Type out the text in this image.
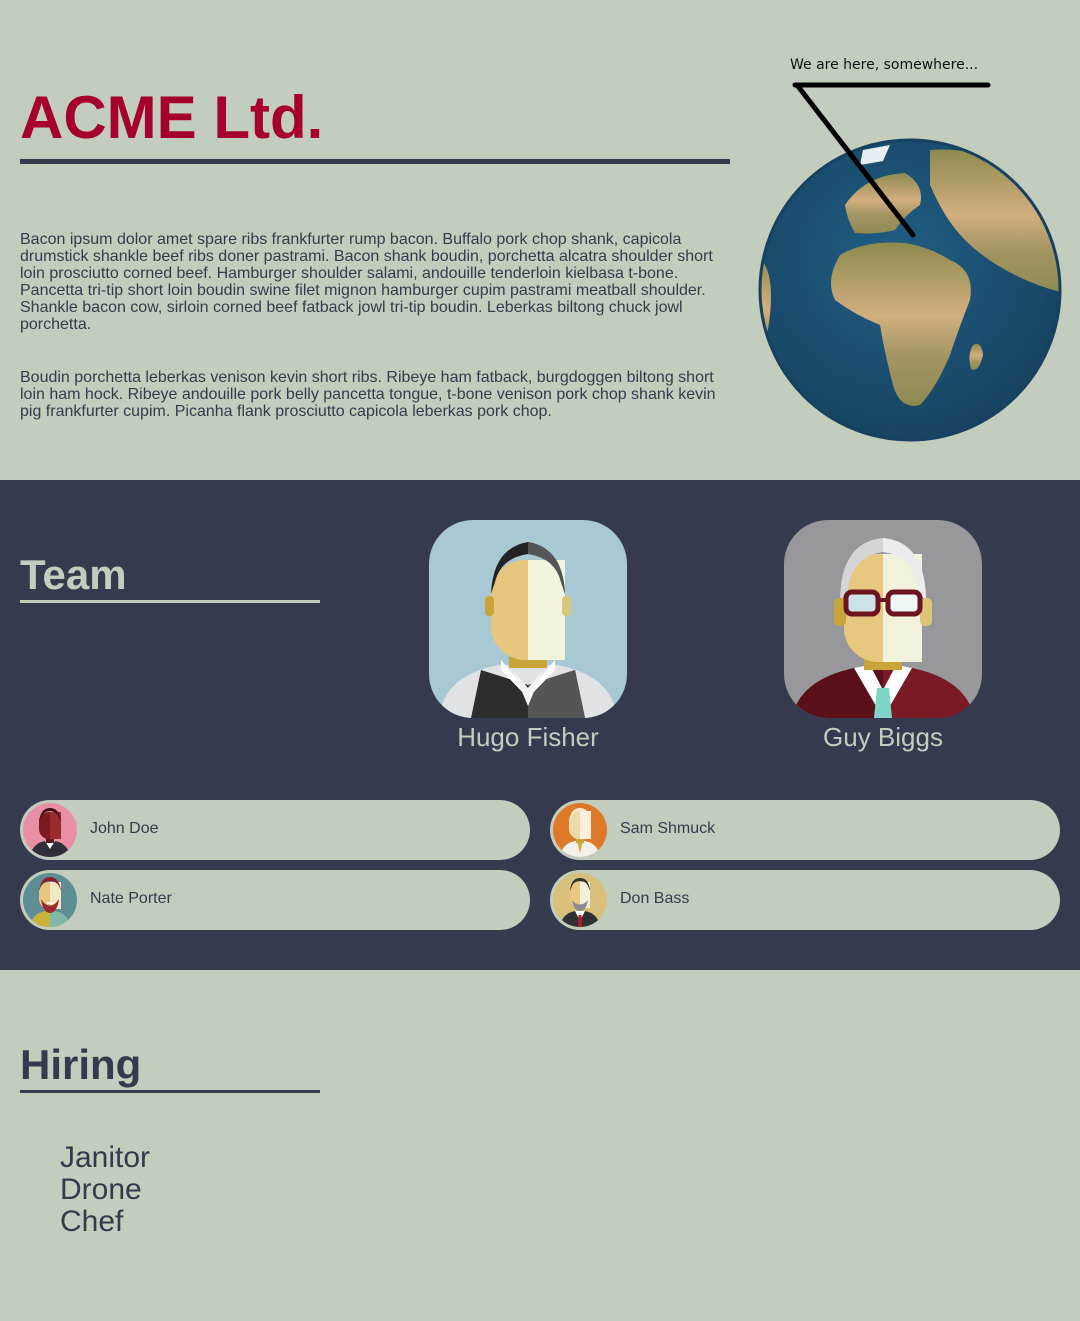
ACME Ltd.

Bacon ipsum dolor amet spare ribs frankfurter rump bacon. Buffalo pork chop shank, capicola drumstick shankle beef ribs doner pastrami. Bacon shank boudin, porchetta alcatra shoulder short loin prosciutto corned beef. Hamburger shoulder salami, andouille tenderloin kielbasa t-bone. Pancetta tri-tip short loin boudin swine filet mignon hamburger cupim pastrami meatball shoulder. Shankle bacon cow, sirloin corned beef fatback jowl tri-tip boudin. Leberkas biltong chuck jowl porchetta.

Boudin porchetta leberkas venison kevin short ribs. Ribeye ham fatback, burgdoggen biltong short loin ham hock. Ribeye andouille pork belly pancetta tongue, t-bone venison pork chop shank kevin pig frankfurter cupim. Picanha flank prosciutto capicola leberkas pork chop.

We are here, somewhere...
Team
Hugo Fisher	Guy Biggs
John Doe	Sam Shmuck
Nate Porter	Don Bass
Hiring
Janitor
Drone
Chef
